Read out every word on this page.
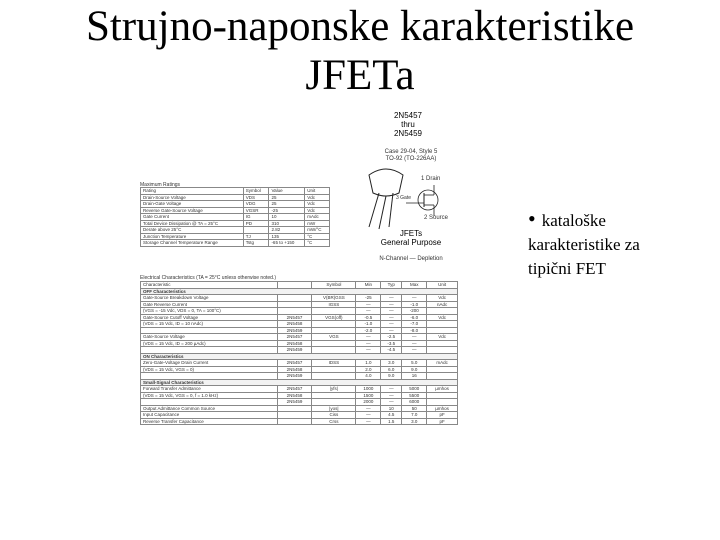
Strujno-naponske karakteristike
JFETa
2N5457
thru
2N5459
Case 29-04, Style 5
TO-92 (TO-226AA)
1 Drain
3 Gate
2 Source
JFETs
General Purpose
N-Channel — Depletion
Maximum Ratings
Rating	Symbol	Value	Unit
Drain-Source Voltage	VDS	25	Vdc
Drain-Gate Voltage	VDG	25	Vdc
Reverse Gate-Source Voltage	VGSR	-25	Vdc
Gate Current	IG	10	mAdc
Total Device Dissipation @ TA = 25°C	PD	310	mW
Derate above 25°C		2.82	mW/°C
Junction Temperature	TJ	135	°C
Storage Channel Temperature Range	Tstg	-65 to +150	°C
Electrical Characteristics (TA = 25°C unless otherwise noted.)
Characteristic		Symbol	Min	Typ	Max	Unit
OFF Characteristics						
Gate-Source Breakdown Voltage		V(BR)GSS	-25	—	—	Vdc
Gate Reverse Current		IGSS	—	—	-1.0	nAdc
(VGS = -15 Vdc, VDS = 0, TA = 100°C)			—	—	-200	
Gate-Source Cutoff Voltage	2N5457	VGS(off)	-0.5	—	-6.0	Vdc
(VDS = 15 Vdc, ID = 10 nAdc)	2N5458		-1.0	—	-7.0	
	2N5459		-2.0	—	-8.0	
Gate-Source Voltage	2N5457	VGS	—	-2.5	—	Vdc
(VDS = 15 Vdc, ID = 200 µAdc)	2N5458		—	-3.5	—	
	2N5459		—	-4.5	—	
ON Characteristics						
Zero-Gate-Voltage Drain Current	2N5457	IDSS	1.0	3.0	5.0	mAdc
(VDS = 15 Vdc, VGS = 0)	2N5458		2.0	6.0	9.0	
	2N5459		4.0	9.0	16	
Small-Signal Characteristics						
Forward Transfer Admittance	2N5457	|yfs|	1000	—	5000	µmhos
(VDS = 15 Vdc, VGS = 0, f = 1.0 kHz)	2N5458		1500	—	5500	
	2N5459		2000	—	6000	
Output Admittance Common Source		|yos|	—	10	50	µmhos
Input Capacitance		Ciss	—	4.5	7.0	pF
Reverse Transfer Capacitance		Crss	—	1.5	3.0	pF
• kataloške
karakteristike za
tipični FET
